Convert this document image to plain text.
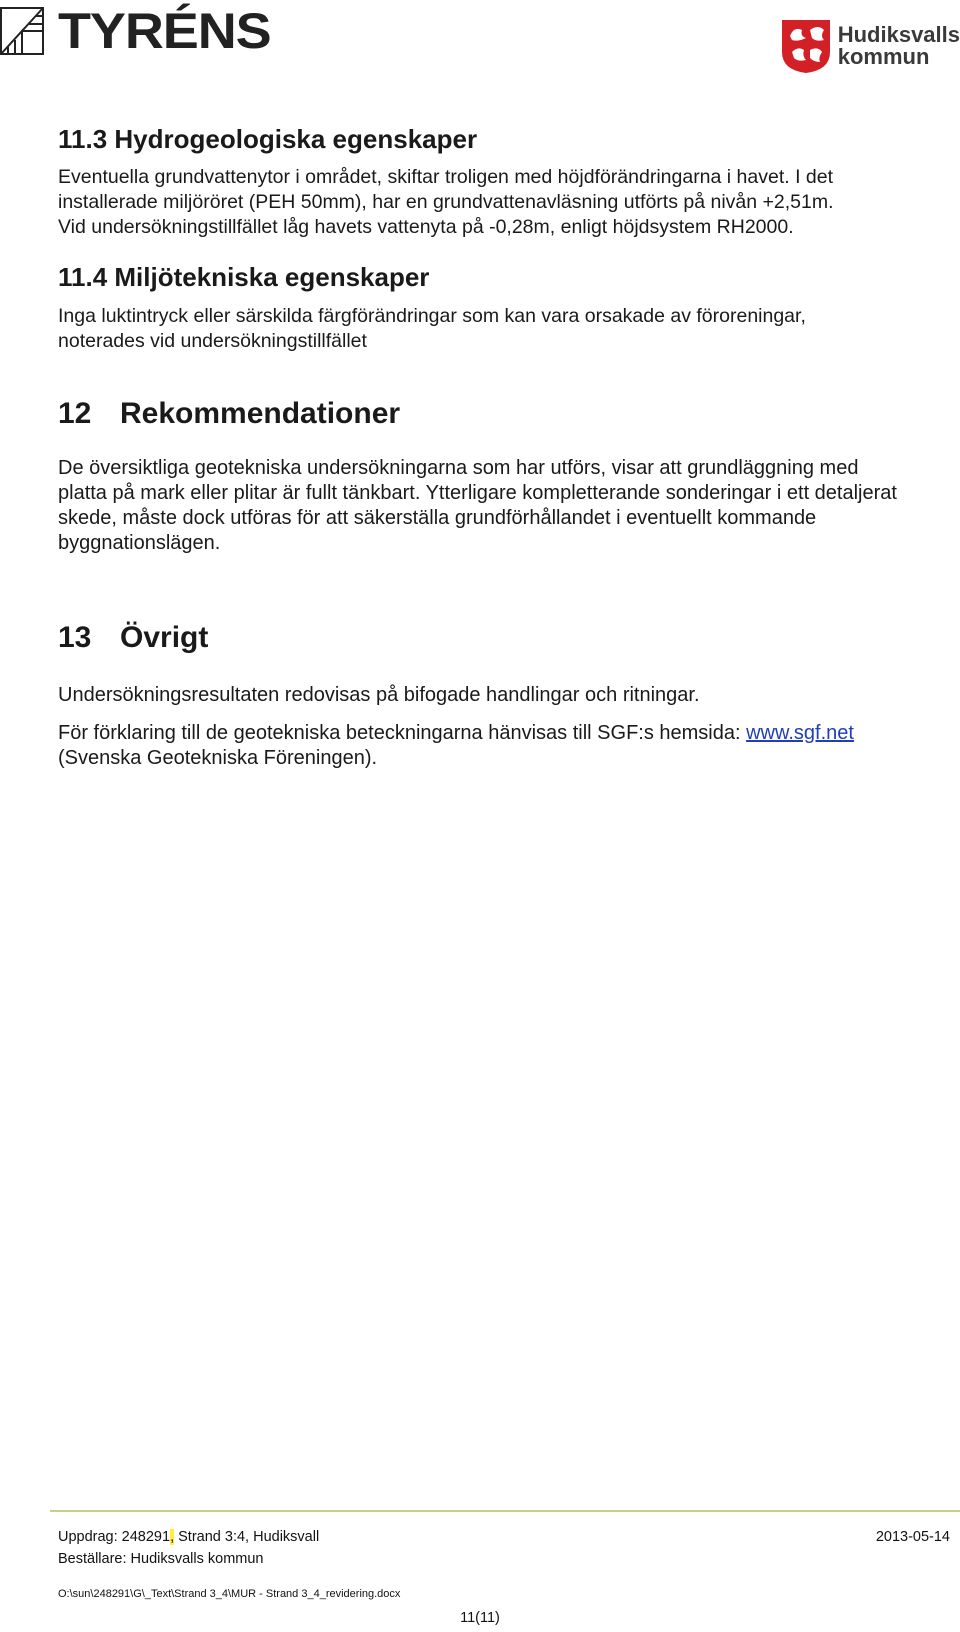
TYRÉNS	Hudiksvalls
kommun
11.3 Hydrogeologiska egenskaper

Eventuella grundvattenytor i området, skiftar troligen med höjdförändringarna i havet. I det

installerade miljöröret (PEH 50mm), har en grundvattenavläsning utförts på nivån +2,51m.

Vid undersökningstillfället låg havets vattenyta på -0,28m, enligt höjdsystem RH2000.

11.4 Miljötekniska egenskaper

Inga luktintryck eller särskilda färgförändringar som kan vara orsakade av föroreningar,

noterades vid undersökningstillfället

12 Rekommendationer

De översiktliga geotekniska undersökningarna som har utförs, visar att grundläggning med

platta på mark eller plitar är fullt tänkbart. Ytterligare kompletterande sonderingar i ett detaljerat

skede, måste dock utföras för att säkerställa grundförhållandet i eventuellt kommande

byggnationslägen.

13 Övrigt

Undersökningsresultaten redovisas på bifogade handlingar och ritningar.

För förklaring till de geotekniska beteckningarna hänvisas till SGF:s hemsida: www.sgf.net

(Svenska Geotekniska Föreningen).

Uppdrag: 248291, Strand 3:4, Hudiksvall	2013-05-14
Beställare: Hudiksvalls kommun
O:\sun\248291\G\_Text\Strand 3_4\MUR - Strand 3_4_revidering.docx
11(11)
